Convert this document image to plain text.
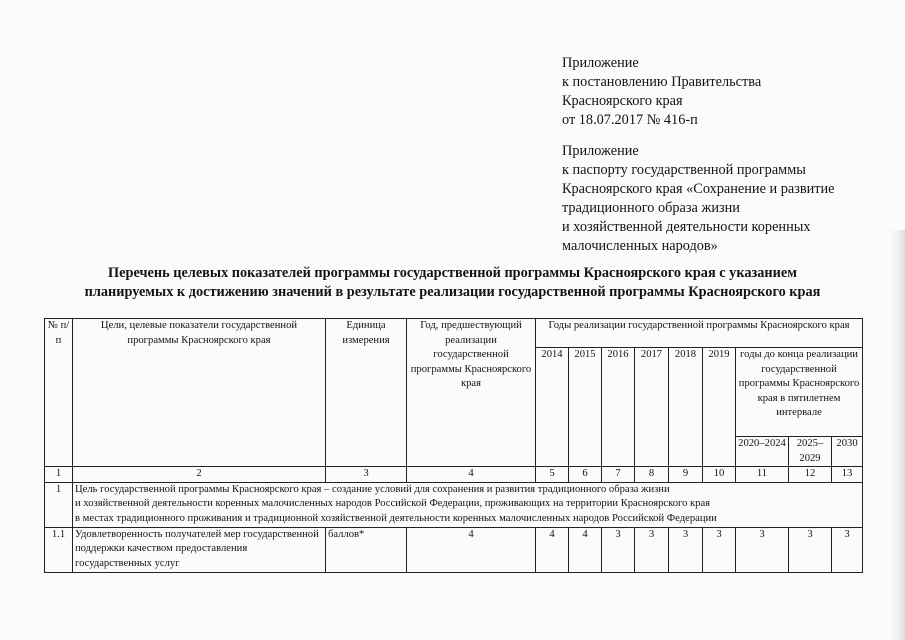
Приложение
к постановлению Правительства
Красноярского края
от 18.07.2017 № 416-п
Приложение
к паспорту государственной программы
Красноярского края «Сохранение и развитие
традиционного образа жизни
и хозяйственной деятельности коренных
малочисленных народов»
Перечень целевых показателей программы государственной программы Красноярского края с указанием
планируемых к достижению значений в результате реализации государственной программы Красноярского края
№ п/п	Цели, целевые показатели государственной программы Красноярского края	Единица измерения	Год, предшествующий реализации государственной программы Красноярского края	Годы реализации государственной программы Красноярского края								
				2014	2015	2016	2017	2018	2019	годы до конца реализации государственной программы Красноярского края в пятилетнем интервале		

										2020–2024	2025–2029	2030
1	2	3	4	5	6	7	8	9	10	11	12	13
1	Цель государственной программы Красноярского края – создание условий для сохранения и развития традиционного образа жизни
и хозяйственной деятельности коренных малочисленных народов Российской Федерации, проживающих на территории Красноярского края
в местах традиционного проживания и традиционной хозяйственной деятельности коренных малочисленных народов Российской Федерации											

1.1	Удовлетворенность получателей мер государственной поддержки качеством предоставления государственных услуг	баллов*	4	4	4	3	3	3	3	3	3	3
